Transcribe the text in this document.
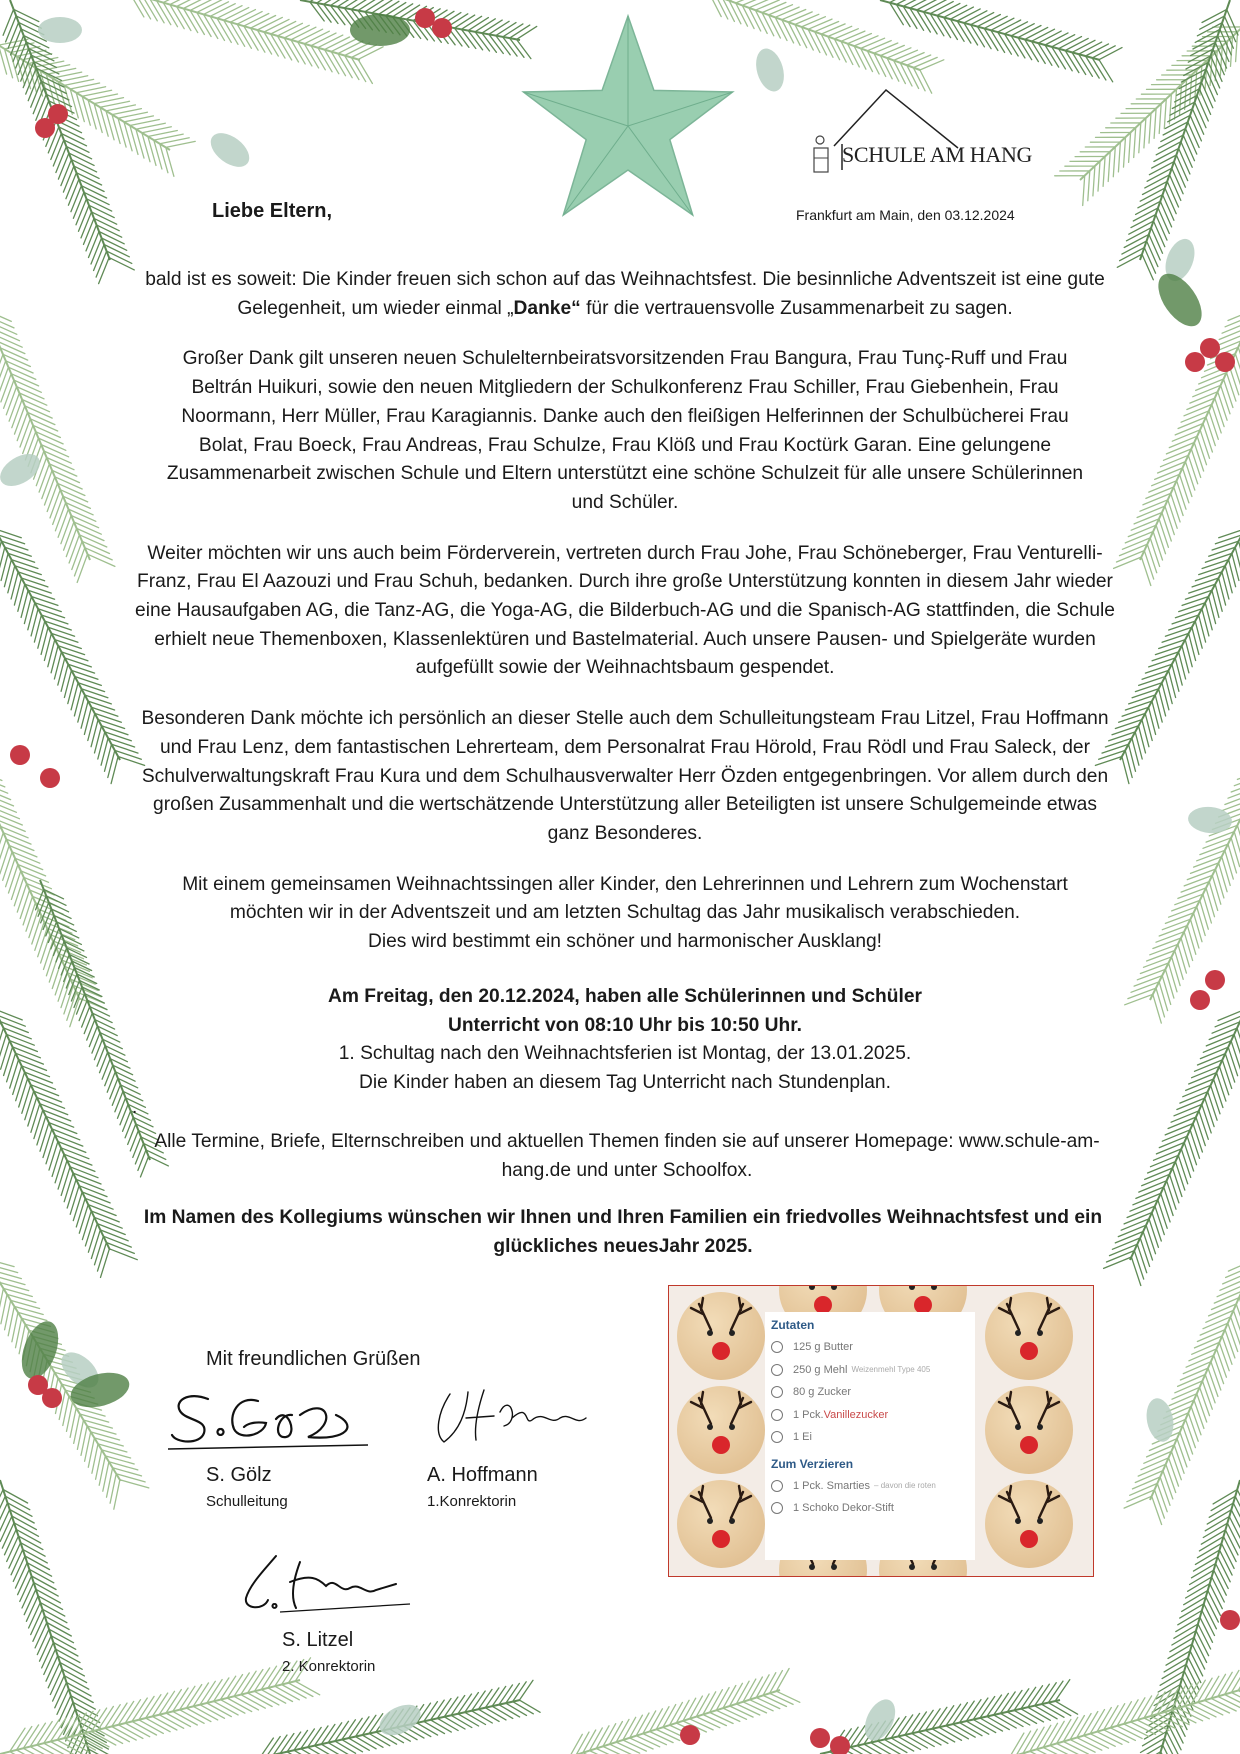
Liebe Eltern,
SCHULE AM HANG
Frankfurt am Main, den 03.12.2024

bald ist es soweit: Die Kinder freuen sich schon auf das Weihnachtsfest. Die besinnliche Adventszeit ist eine gute Gelegenheit, um wieder einmal „Danke“ für die vertrauensvolle Zusammenarbeit zu sagen.

Großer Dank gilt unseren neuen Schulelternbeiratsvorsitzenden Frau Bangura, Frau Tunç-Ruff und Frau Beltrán Huikuri, sowie den neuen Mitgliedern der Schulkonferenz Frau Schiller, Frau Giebenhein, Frau Noormann, Herr Müller, Frau Karagiannis. Danke auch den fleißigen Helferinnen der Schulbücherei Frau Bolat, Frau Boeck, Frau Andreas, Frau Schulze, Frau Klöß und Frau Koctürk Garan. Eine gelungene Zusammenarbeit zwischen Schule und Eltern unterstützt eine schöne Schulzeit für alle unsere Schülerinnen und Schüler.

Weiter möchten wir uns auch beim Förderverein, vertreten durch Frau Johe, Frau Schöneberger, Frau Venturelli-Franz, Frau El Aazouzi und Frau Schuh, bedanken. Durch ihre große Unterstützung konnten in diesem Jahr wieder eine Hausaufgaben AG, die Tanz-AG, die Yoga-AG, die Bilderbuch-AG und die Spanisch-AG stattfinden, die Schule erhielt neue Themenboxen, Klassenlektüren und Bastelmaterial. Auch unsere Pausen- und Spielgeräte wurden aufgefüllt sowie der Weihnachtsbaum gespendet.

Besonderen Dank möchte ich persönlich an dieser Stelle auch dem Schulleitungsteam Frau Litzel, Frau Hoffmann und Frau Lenz, dem fantastischen Lehrerteam, dem Personalrat Frau Hörold, Frau Rödl und Frau Saleck, der Schulverwaltungskraft Frau Kura und dem Schulhausverwalter Herr Özden entgegenbringen. Vor allem durch den großen Zusammenhalt und die wertschätzende Unterstützung aller Beteiligten ist unsere Schulgemeinde etwas ganz Besonderes.

Mit einem gemeinsamen Weihnachtssingen aller Kinder, den Lehrerinnen und Lehrern zum Wochenstart
möchten wir in der Adventszeit und am letzten Schultag das Jahr musikalisch verabschieden.
Dies wird bestimmt ein schöner und harmonischer Ausklang!

Am Freitag, den 20.12.2024, haben alle Schülerinnen und Schüler
Unterricht von 08:10 Uhr bis 10:50 Uhr.
1. Schultag nach den Weihnachtsferien ist Montag, der 13.01.2025.
Die Kinder haben an diesem Tag Unterricht nach Stundenplan.
.
Alle Termine, Briefe, Elternschreiben und aktuellen Themen finden sie auf unserer Homepage: www.schule-am-hang.de und unter Schoolfox.
Im Namen des Kollegiums wünschen wir Ihnen und Ihren Familien ein friedvolles Weihnachtsfest und ein glückliches neuesJahr 2025.
Mit freundlichen Grüßen
S. Gölz
Schulleitung
A. Hoffmann
1.Konrektorin
S. Litzel
2. Konrektorin
Zutaten
125 g Butter
250 g Mehl Weizenmehl Type 405
80 g Zucker
1 Pck. Vanillezucker
1 Ei
Zum Verzieren
1 Pck. Smarties – davon die roten
1 Schoko Dekor-Stift
